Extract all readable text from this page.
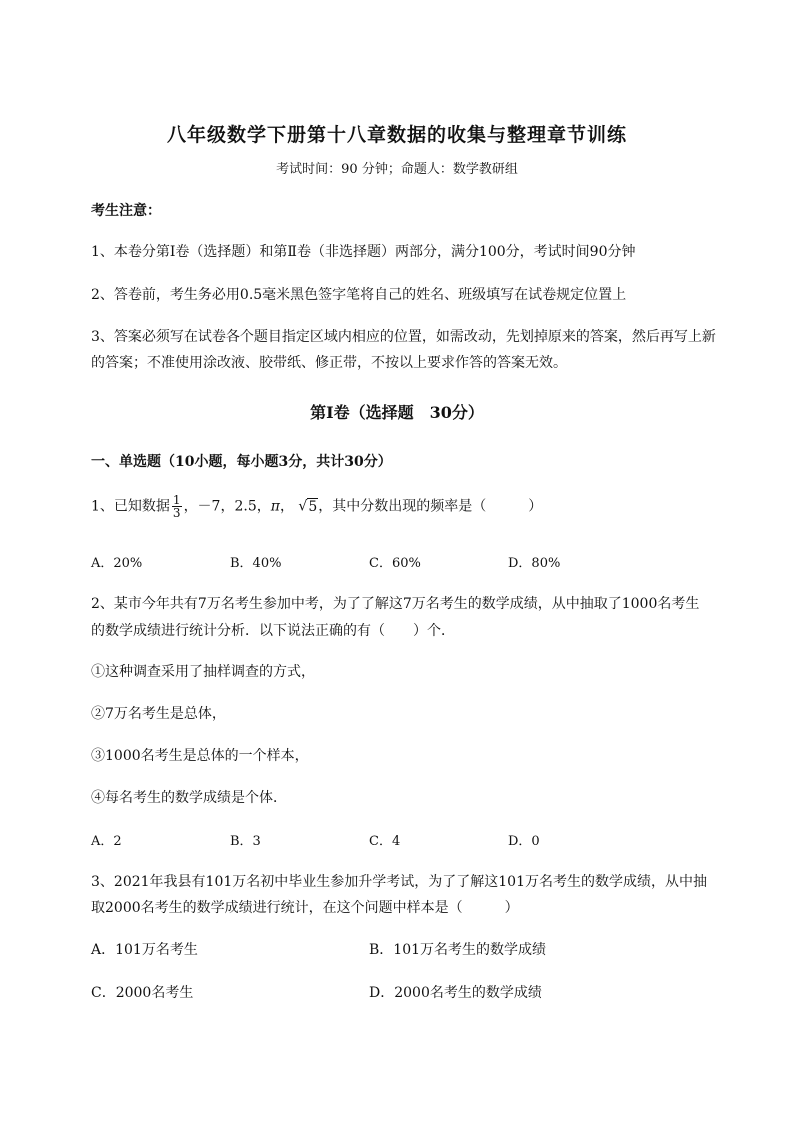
八年级数学下册第十八章数据的收集与整理章节训练
考试时间：90 分钟；命题人：数学教研组
考生注意：
1、本卷分第Ⅰ卷（选择题）和第Ⅱ卷（非选择题）两部分，满分100分，考试时间90分钟
2、答卷前，考生务必用0.5毫米黑色签字笔将自己的姓名、班级填写在试卷规定位置上
3、答案必须写在试卷各个题目指定区域内相应的位置，如需改动，先划掉原来的答案，然后再写上新
的答案；不准使用涂改液、胶带纸、修正带，不按以上要求作答的答案无效。
第Ⅰ卷（选择题　30分）
一、单选题（10小题，每小题3分，共计30分）
1、已知数据 $\frac{1}{3}$ ，－7，2.5，π， √5，其中分数出现的频率是（　　　）
A．20%	B．40%	C．60%	D．80%
2、某市今年共有7万名考生参加中考，为了了解这7万名考生的数学成绩，从中抽取了1000名考生
的数学成绩进行统计分析．以下说法正确的有（　　）个．
①这种调查采用了抽样调查的方式，
②7万名考生是总体，
③1000名考生是总体的一个样本，
④每名考生的数学成绩是个体．
A．2	B．3	C．4	D．0
3、2021年我县有101万名初中毕业生参加升学考试，为了了解这101万名考生的数学成绩，从中抽
取2000名考生的数学成绩进行统计，在这个问题中样本是（　　　）
A．101万名考生	B．101万名考生的数学成绩
C．2000名考生	D．2000名考生的数学成绩
